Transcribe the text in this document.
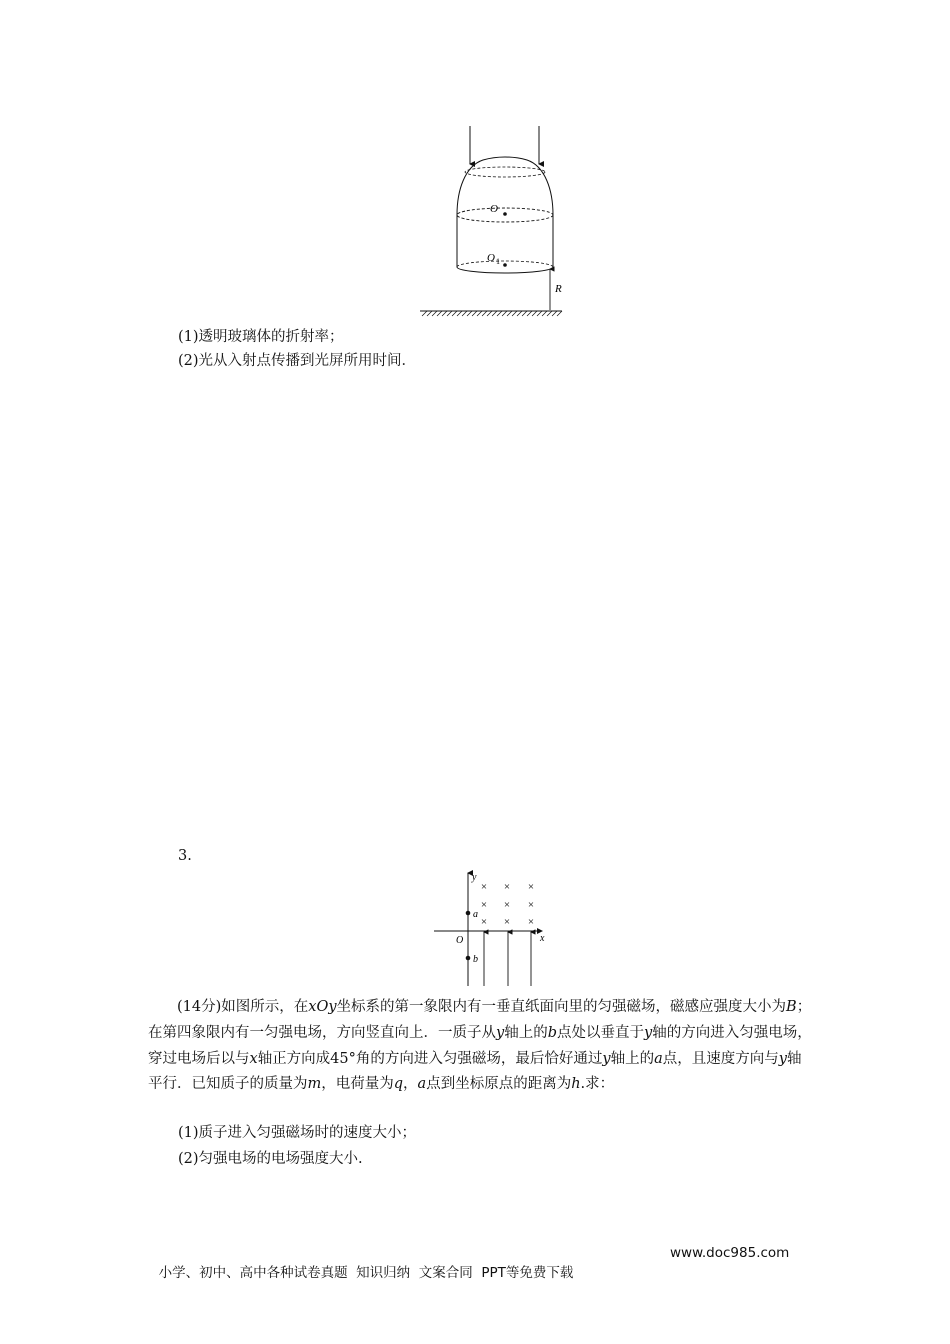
O
O 1
R
(1)透明玻璃体的折射率；
(2)光从入射点传播到光屏所用时间．
3.
y
x
O
× × ×
× × ×
× × ×
a
b

(14分)如图所示，在xOy坐标系的第一象限内有一垂直纸面向里的匀强磁场，磁感应强度大小为B；在第四象限内有一匀强电场，方向竖直向上．一质子从y轴上的b点处以垂直于y轴的方向进入匀强电场，穿过电场后以与x轴正方向成45°角的方向进入匀强磁场，最后恰好通过y轴上的a点，且速度方向与y轴平行．已知质子的质量为m，电荷量为q，a点到坐标原点的距离为h.求：

(1)质子进入匀强磁场时的速度大小；
(2)匀强电场的电场强度大小.

小学、初中、高中各种试卷真题  知识归纳  文案合同  PPT等免费下载

www.doc985.com
